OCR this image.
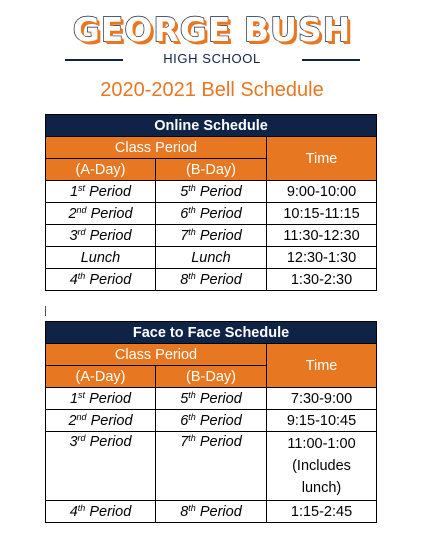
GEORGE BUSH
HIGH SCHOOL
2020-2021 Bell Schedule
Online Schedule		
Class Period		Time
(A-Day)	(B-Day)	
1st Period	5th Period	9:00-10:00
2nd Period	6th Period	10:15-11:15
3rd Period	7th Period	11:30-12:30
Lunch	Lunch	12:30-1:30
4th Period	8th Period	1:30-2:30
Face to Face Schedule		
Class Period		Time
(A-Day)	(B-Day)	
1st Period	5th Period	7:30-9:00
2nd Period	6th Period	9:15-10:45
3rd Period	7th Period	11:00-1:00
(Includes lunch)

4th Period	8th Period	1:15-2:45
